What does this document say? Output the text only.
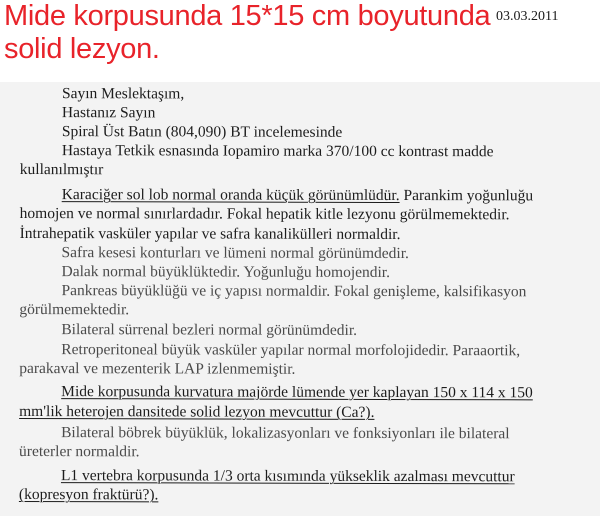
Mide korpusunda 15*15 cm boyutunda
solid lezyon.
03.03.2011
Sayın Meslektaşım,
Hastanız Sayın
Spiral Üst Batın (804,090) BT incelemesinde
Hastaya Tetkik esnasında Iopamiro marka 370/100 cc kontrast madde
kullanılmıştır
Karaciğer sol lob normal oranda küçük görünümlüdür. Parankim yoğunluğu
homojen ve normal sınırlardadır. Fokal hepatik kitle lezyonu görülmemektedir.
İntrahepatik vasküler yapılar ve safra kanalikülleri normaldir.
Safra kesesi konturları ve lümeni normal görünümdedir.
Dalak normal büyüklüktedir. Yoğunluğu homojendir.
Pankreas büyüklüğü ve iç yapısı normaldir. Fokal genişleme, kalsifikasyon
görülmemektedir.
Bilateral sürrenal bezleri normal görünümdedir.
Retroperitoneal büyük vasküler yapılar normal morfolojidedir. Paraaortik,
parakaval ve mezenterik LAP izlenmemiştir.
Mide korpusunda kurvatura majörde lümende yer kaplayan 150 x 114 x 150
mm'lik heterojen dansitede solid lezyon mevcuttur (Ca?).
Bilateral böbrek büyüklük, lokalizasyonları ve fonksiyonları ile bilateral
üreterler normaldir.
L1 vertebra korpusunda 1/3 orta kısımında yükseklik azalması mevcuttur
(kopresyon fraktürü?).
